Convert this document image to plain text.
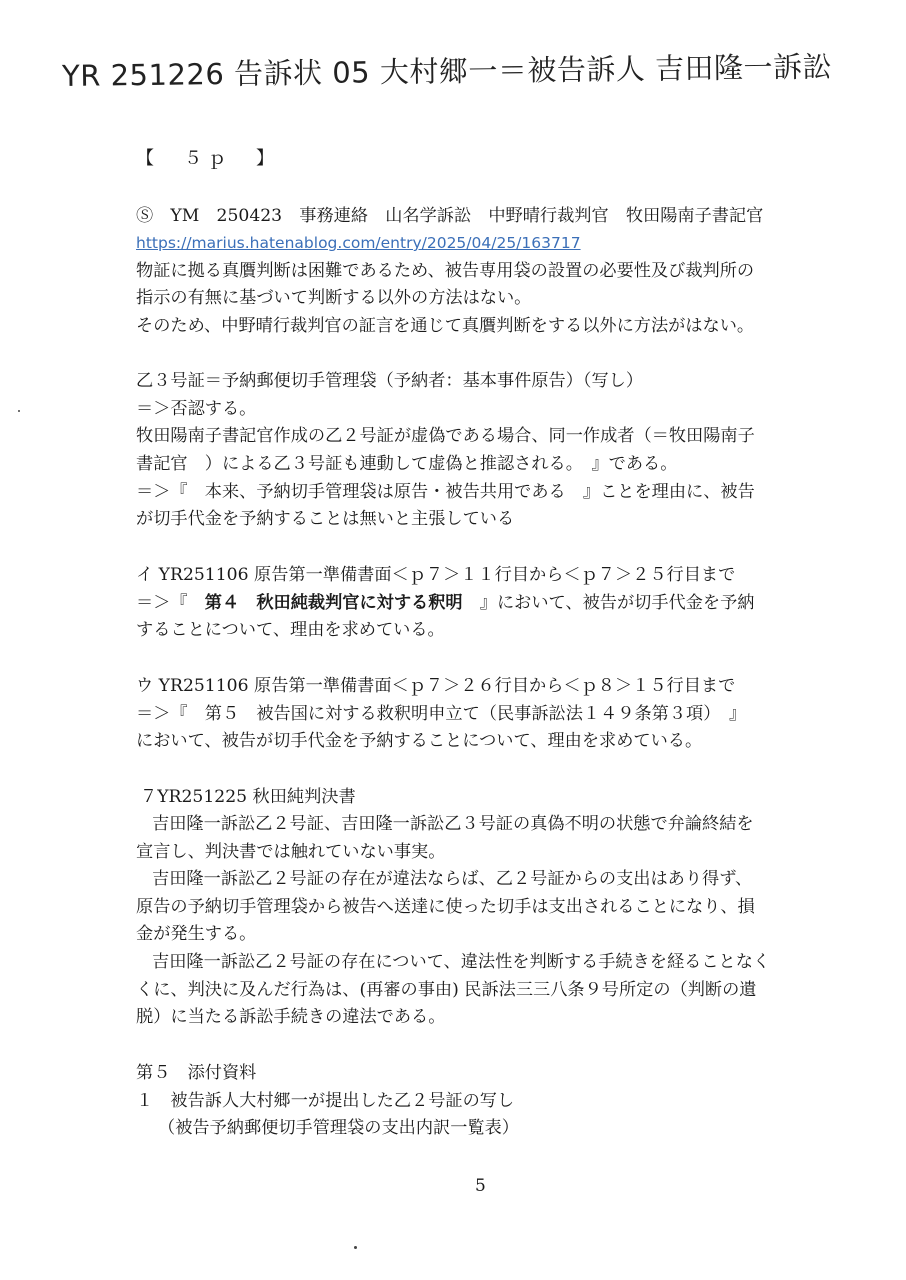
YR 251226 告訴状 05 大村郷一＝被告訴人 吉田隆一訴訟
【　５ｐ　】
Ⓢ　YM　250423　事務連絡　山名学訴訟　中野晴行裁判官　牧田陽南子書記官
https://marius.hatenablog.com/entry/2025/04/25/163717
物証に拠る真贋判断は困難であるため、被告専用袋の設置の必要性及び裁判所の
指示の有無に基づいて判断する以外の方法はない。
そのため、中野晴行裁判官の証言を通じて真贋判断をする以外に方法がはない。
乙３号証＝予納郵便切手管理袋（予納者：基本事件原告）（写し）
＝＞否認する。
牧田陽南子書記官作成の乙２号証が虚偽である場合、同一作成者（＝牧田陽南子
書記官　）による乙３号証も連動して虚偽と推認される。　』である。
＝＞『　本来、予納切手管理袋は原告・被告共用である　』ことを理由に、被告
が切手代金を予納することは無いと主張している
イ YR251106 原告第一準備書面＜ｐ７＞１１行目から＜ｐ７＞２５行目まで
＝＞『　第４　秋田純裁判官に対する釈明　』において、被告が切手代金を予納
することについて、理由を求めている。
ウ YR251106 原告第一準備書面＜ｐ７＞２６行目から＜ｐ８＞１５行目まで
＝＞『　第５　被告国に対する救釈明申立て（民事訴訟法１４９条第３項）　』
において、被告が切手代金を予納することについて、理由を求めている。
７YR251225 秋田純判決書
吉田隆一訴訟乙２号証、吉田隆一訴訟乙３号証の真偽不明の状態で弁論終結を
宣言し、判決書では触れていない事実。
吉田隆一訴訟乙２号証の存在が違法ならば、乙２号証からの支出はあり得ず、
原告の予納切手管理袋から被告へ送達に使った切手は支出されることになり、損
金が発生する。
吉田隆一訴訟乙２号証の存在について、違法性を判断する手続きを経ることなく
くに、判決に及んだ行為は、(再審の事由) 民訴法三三八条９号所定の（判断の遺
脱）に当たる訴訟手続きの違法である。
第５　添付資料
１　被告訴人大村郷一が提出した乙２号証の写し
（被告予納郵便切手管理袋の支出内訳一覧表）
5
